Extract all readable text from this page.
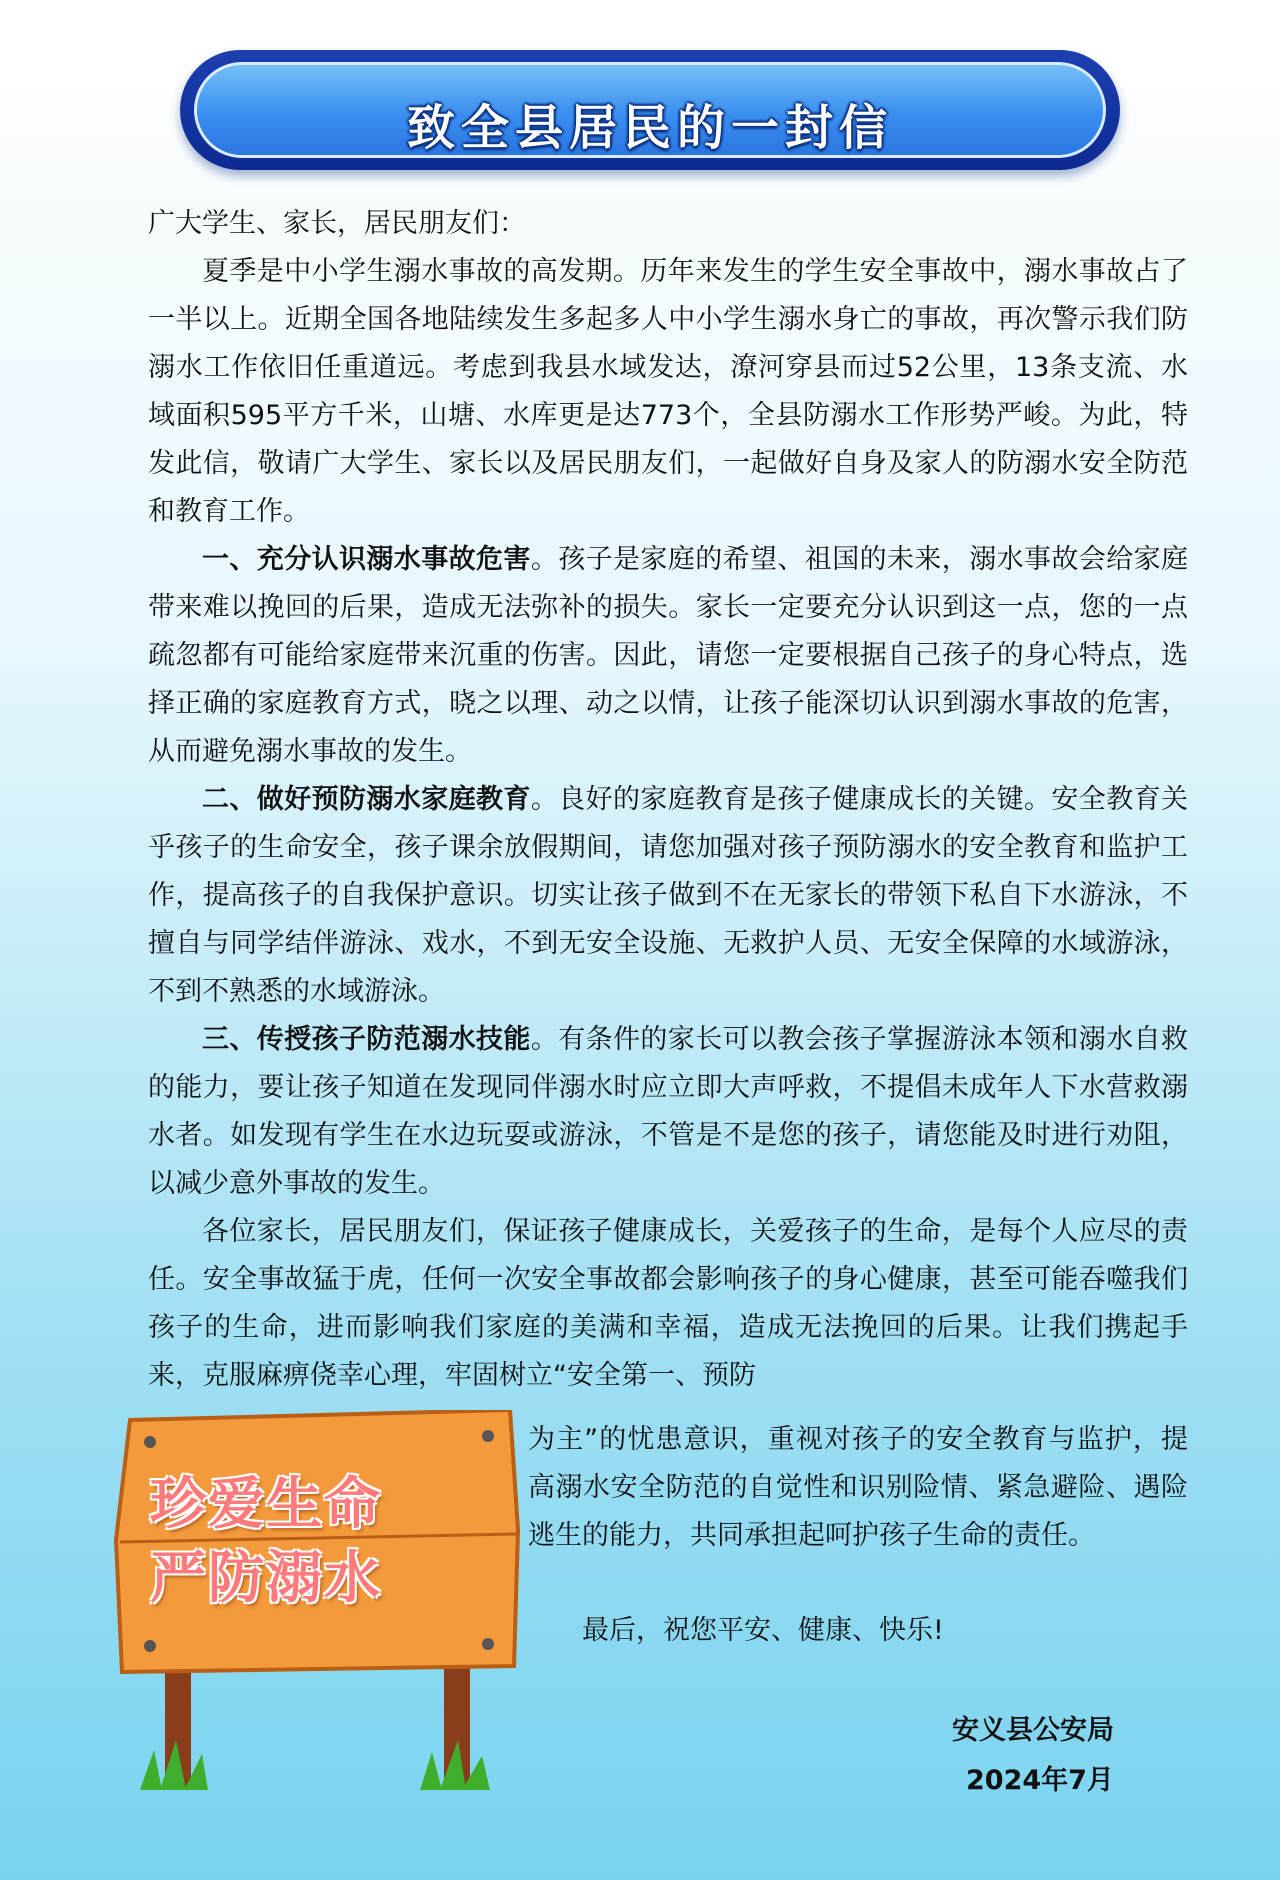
致全县居民的一封信

广大学生、家长，居民朋友们：

夏季是中小学生溺水事故的高发期。历年来发生的学生安全事故中，溺水事故占了一半以上。近期全国各地陆续发生多起多人中小学生溺水身亡的事故，再次警示我们防溺水工作依旧任重道远。考虑到我县水域发达，潦河穿县而过52公里，13条支流、水域面积595平方千米，山塘、水库更是达773个，全县防溺水工作形势严峻。为此，特发此信，敬请广大学生、家长以及居民朋友们，一起做好自身及家人的防溺水安全防范和教育工作。

一、充分认识溺水事故危害。孩子是家庭的希望、祖国的未来，溺水事故会给家庭带来难以挽回的后果，造成无法弥补的损失。家长一定要充分认识到这一点，您的一点疏忽都有可能给家庭带来沉重的伤害。因此，请您一定要根据自己孩子的身心特点，选择正确的家庭教育方式，晓之以理、动之以情，让孩子能深切认识到溺水事故的危害，从而避免溺水事故的发生。

二、做好预防溺水家庭教育。良好的家庭教育是孩子健康成长的关键。安全教育关乎孩子的生命安全，孩子课余放假期间，请您加强对孩子预防溺水的安全教育和监护工作，提高孩子的自我保护意识。切实让孩子做到不在无家长的带领下私自下水游泳，不擅自与同学结伴游泳、戏水，不到无安全设施、无救护人员、无安全保障的水域游泳，不到不熟悉的水域游泳。

三、传授孩子防范溺水技能。有条件的家长可以教会孩子掌握游泳本领和溺水自救的能力，要让孩子知道在发现同伴溺水时应立即大声呼救，不提倡未成年人下水营救溺水者。如发现有学生在水边玩耍或游泳，不管是不是您的孩子，请您能及时进行劝阻，以减少意外事故的发生。

各位家长，居民朋友们，保证孩子健康成长，关爱孩子的生命，是每个人应尽的责任。安全事故猛于虎，任何一次安全事故都会影响孩子的身心健康，甚至可能吞噬我们孩子的生命，进而影响我们家庭的美满和幸福，造成无法挽回的后果。让我们携起手来，克服麻痹侥幸心理，牢固树立“安全第一、预防

为主”的忧患意识，重视对孩子的安全教育与监护，提高溺水安全防范的自觉性和识别险情、紧急避险、遇险逃生的能力，共同承担起呵护孩子生命的责任。
最后，祝您平安、健康、快乐!
安义县公安局
2024年7月
珍爱生命
严防溺水
